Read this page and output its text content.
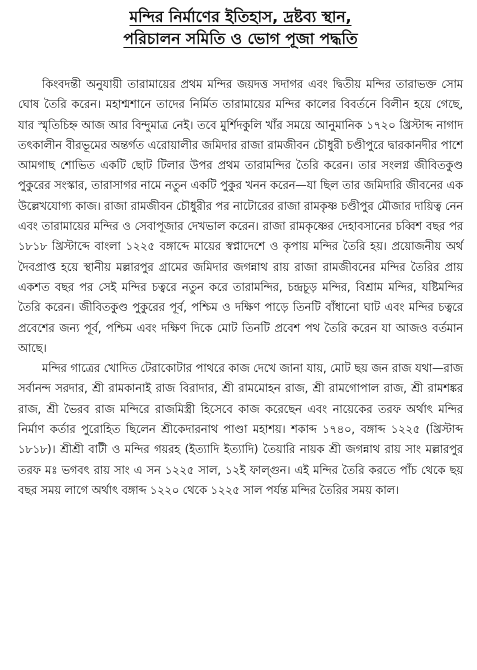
মন্দির নির্মাণের ইতিহাস, দ্রষ্টব্য স্থান,
পরিচালন সমিতি ও ভোগ পূজা পদ্ধতি

কিংবদন্তী অনুযায়ী তারামায়ের প্রথম মন্দির জয়দত্ত সদাগর এবং দ্বিতীয় মন্দির তারাভক্ত সোম ঘোষ তৈরি করেন। মহাশ্মশানে তাদের নির্মিত তারামায়ের মন্দির কালের বিবর্তনে বিলীন হয়ে গেছে, যার স্মৃতিচিহ্ন আজ আর বিন্দুমাত্র নেই। তবে মুর্শিদকুলি খাঁর সময়ে আনুমানিক ১৭২০ খ্রিস্টাব্দ নাগাদ তৎকালীন বীরভূমের অন্তর্গত এরোয়ালীর জমিদার রাজা রামজীবন চৌধুরী চণ্ডীপুরে দ্বারকানদীর পাশে আমগাছ শোভিত একটি ছোট টিলার উপর প্রথম তারামন্দির তৈরি করেন। তার সংলগ্ন জীবিতকুণ্ড পুকুরের সংস্কার, তারাসাগর নামে নতুন একটি পুকুর খনন করেন—যা ছিল তার জমিদারি জীবনের এক উল্লেখযোগ্য কাজ। রাজা রামজীবন চৌধুরীর পর নাটোরের রাজা রামকৃষ্ণ চণ্ডীপুর মৌজার দায়িত্ব নেন এবং তারামায়ের মন্দির ও সেবাপূজার দেখভাল করেন। রাজা রামকৃষ্ণের দেহাবসানের চব্বিশ বছর পর ১৮১৮ খ্রিস্টাব্দে বাংলা ১২২৫ বঙ্গাব্দে মায়ের স্বপ্নাদেশে ও কৃপায় মন্দির তৈরি হয়। প্রয়োজনীয় অর্থ দৈবপ্রাপ্ত হয়ে স্থানীয় মল্লারপুর গ্রামের জমিদার জগন্নাথ রায় রাজা রামজীবনের মন্দির তৈরির প্রায় একশত বছর পর সেই মন্দির চত্বরে নতুন করে তারামন্দির, চন্দ্রচূড় মন্দির, বিশ্রাম মন্দির, যষ্টিমন্দির তৈরি করেন। জীবিতকুণ্ড পুকুরের পূর্ব, পশ্চিম ও দক্ষিণ পাড়ে তিনটি বাঁধানো ঘাট এবং মন্দির চত্বরে প্রবেশের জন্য পূর্ব, পশ্চিম এবং দক্ষিণ দিকে মোট তিনটি প্রবেশ পথ তৈরি করেন যা আজও বর্তমান আছে।

মন্দির গাত্রের খোদিত টেরাকোটার পাথরে কাজ দেখে জানা যায়, মোট ছয় জন রাজ যথা—রাজ সর্বানন্দ সরদার, শ্রী রামকানাই রাজ বিরাদার, শ্রী রামমোহন রাজ, শ্রী রামগোপাল রাজ, শ্রী রামশঙ্কর রাজ, শ্রী ভৈরব রাজ মন্দিরে রাজমিস্ত্রী হিসেবে কাজ করেছেন এবং নায়েকের তরফ অর্থাৎ মন্দির নির্মাণ কর্তার পুরোহিত ছিলেন শ্রীকেদারনাথ পাণ্ডা মহাশয়। শকাব্দ ১৭৪০, বঙ্গাব্দ ১২২৫ (খ্রিস্টাব্দ ১৮১৮)। শ্রীশ্রী বাটী ও মন্দির গয়রহ (ইত্যাদি ইত্যাদি) তৈয়ারি নায়ক শ্রী জগন্নাথ রায় সাং মল্লারপুর তরফ মঃ ভগবৎ রায় সাং এ সন ১২২৫ সাল, ১২ই ফাল্গুন। এই মন্দির তৈরি করতে পাঁচ থেকে ছয় বছর সময় লাগে অর্থাৎ বঙ্গাব্দ ১২২০ থেকে ১২২৫ সাল পর্যন্ত মন্দির তৈরির সময় কাল।
